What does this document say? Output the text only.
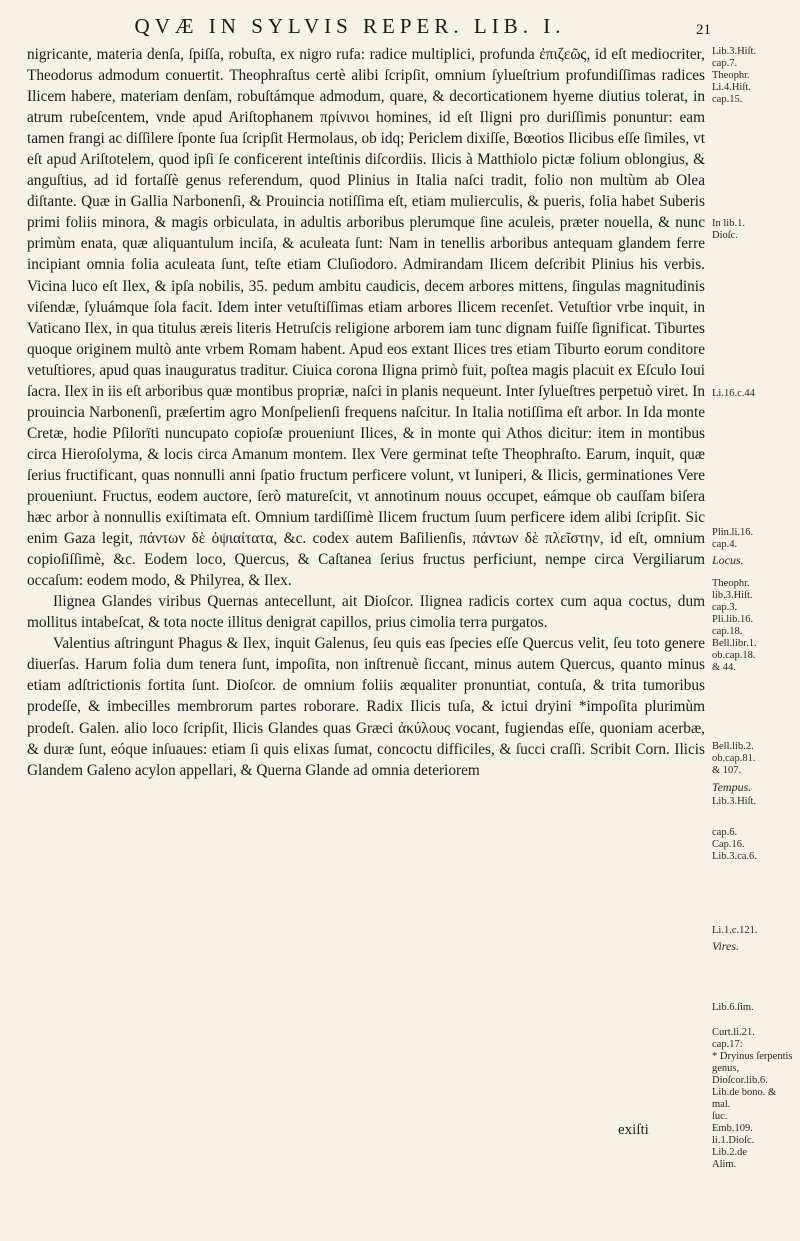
QVÆ IN SYLVIS REPER. LIB. I.	21

nigricante, materia denſa, ſpiſſa, robuſta, ex nigro rufa: radice multiplici, profunda ἐπιζεῶς, id eſt mediocriter, Theodorus admodum conuertit. Theophraſtus certè alibi ſcripſit, omnium ſylueſtrium profundiſſimas radices Ilicem habere, materiam denſam, robuſtámque admodum, quare, & decorticationem hyeme diutius tolerat, in atrum rubeſcentem, vnde apud Ariſtophanem πρίνινοι homines, id eſt Iligni pro duriſſimis ponuntur: eam tamen frangi ac diſſilere ſponte ſua ſcripſit Hermolaus, ob idq; Periclem dixiſſe, Bœotios Ilicibus eſſe ſimiles, vt eſt apud Ariſtotelem, quod ipſi ſe conficerent inteſtinis diſcordiis. Ilicis à Matthiolo pictæ folium oblongius, & anguſtius, ad id fortaſſè genus referendum, quod Plinius in Italia naſci tradit, folio non multùm ab Olea diſtante. Quæ in Gallia Narbonenſi, & Prouincia notiſſima eſt, etiam mulierculis, & pueris, folia habet Suberis primi foliis minora, & magis orbiculata, in adultis arboribus plerumque ſine aculeis, præter nouella, & nunc primùm enata, quæ aliquantulum inciſa, & aculeata ſunt: Nam in tenellis arboribus antequam glandem ferre incipiant omnia folia aculeata ſunt, teſte etiam Cluſiodoro. Admirandam Ilicem deſcribit Plinius his verbis. Vicina luco eſt Ilex, & ipſa nobilis, 35. pedum ambitu caudicis, decem arbores mittens, ſingulas magnitudinis viſendæ, ſyluámque ſola facit. Idem inter vetuſtiſſimas etiam arbores Ilicem recenſet. Vetuſtior vrbe inquit, in Vaticano Ilex, in qua titulus æreis literis Hetruſcis religione arborem iam tunc dignam fuiſſe ſignificat. Tiburtes quoque originem multò ante vrbem Romam habent. Apud eos extant Ilices tres etiam Tiburto eorum conditore vetuſtiores, apud quas inauguratus traditur. Ciuica corona Iligna primò fuit, poſtea magis placuit ex Eſculo Ioui ſacra. Ilex in iis eſt arboribus quæ montibus propriæ, naſci in planis nequeunt. Inter ſylueſtres perpetuò viret. In prouincia Narbonenſi, præſertim agro Monſpelienſi frequens naſcitur. In Italia notiſſima eſt arbor. In Ida monte Cretæ, hodie Pſilorïti nuncupato copioſæ proueniunt Ilices, & in monte qui Athos dicitur: item in montibus circa Hieroſolyma, & locis circa Amanum montem. Ilex Vere germinat teſte Theophraſto. Earum, inquit, quæ ſerius fructificant, quas nonnulli anni ſpatio fructum perficere volunt, vt Iuniperi, & Ilicis, germinationes Vere proueniunt. Fructus, eodem auctore, ſerò matureſcit, vt annotinum nouus occupet, eámque ob cauſſam biſera hæc arbor à nonnullis exiſtimata eſt. Omnium tardiſſimè Ilicem fructum ſuum perficere idem alibi ſcripſit. Sic enim Gaza legit, πάντων δὲ ὀψιαίτατα, &c. codex autem Baſilienſis, πάντων δὲ πλεῖστην, id eſt, omnium copioſiſſimè, &c. Eodem loco, Quercus, & Caſtanea ſerius fructus perficiunt, nempe circa Vergiliarum occaſum: eodem modo, & Philyrea, & Ilex.

Ilignea Glandes viribus Quernas antecellunt, ait Dioſcor. Ilignea radicis cortex cum aqua coctus, dum mollitus intabeſcat, & tota nocte illitus denigrat capillos, prius cimolia terra purgatos.

Valentius aſtringunt Phagus & Ilex, inquit Galenus, ſeu quis eas ſpecies eſſe Quercus velit, ſeu toto genere diuerſas. Harum folia dum tenera ſunt, impoſita, non inſtrenuè ſiccant, minus autem Quercus, quanto minus etiam adſtrictionis fortita ſunt. Dioſcor. de omnium foliis æqualiter pronuntiat, contuſa, & trita tumoribus prodeſſe, & imbecilles membrorum partes roborare. Radix Ilicis tuſa, & ictui dryini *impoſita plurimùm prodeſt. Galen. alio loco ſcripſit, Ilicis Glandes quas Græci ἀκύλους vocant, fugiendas eſſe, quoniam acerbæ, & duræ ſunt, eóque inſuaues: etiam ſi quis elixas ſumat, concoctu difficiles, & ſucci craſſi. Scribit Corn. Ilicis Glandem Galeno acylon appellari, & Querna Glande ad omnia deteriorem

Lib.3.Hiſt.
cap.7.
Theophr.
Li.4.Hiſt.
cap.15.
In lib.1.
Dioſc.
Li.16.c.44
Plin.li.16.
cap.4.
Locus.
Theophr.
lib.3.Hiſt.
cap.3.
Pli.lib.16.
cap.18.
Bell.libr.1.
ob.cap.18.
& 44.
Bell.lib.2.
ob.cap.81.
& 107.
Tempus.
Lib.3.Hiſt.
cap.6.
Cap.16.
Lib.3.ca.6.
Li.1.c.121.
Vires.
Lib.6.ſim.
Curt.li.21.
cap.17:
* Dryinus ſerpentis genus,
Dioſcor.lib.6.
Lib.de bono. & mal.
ſuc.
Emb.109.
li.1.Dioſc.
Lib.2.de
Alim.
exiſti
